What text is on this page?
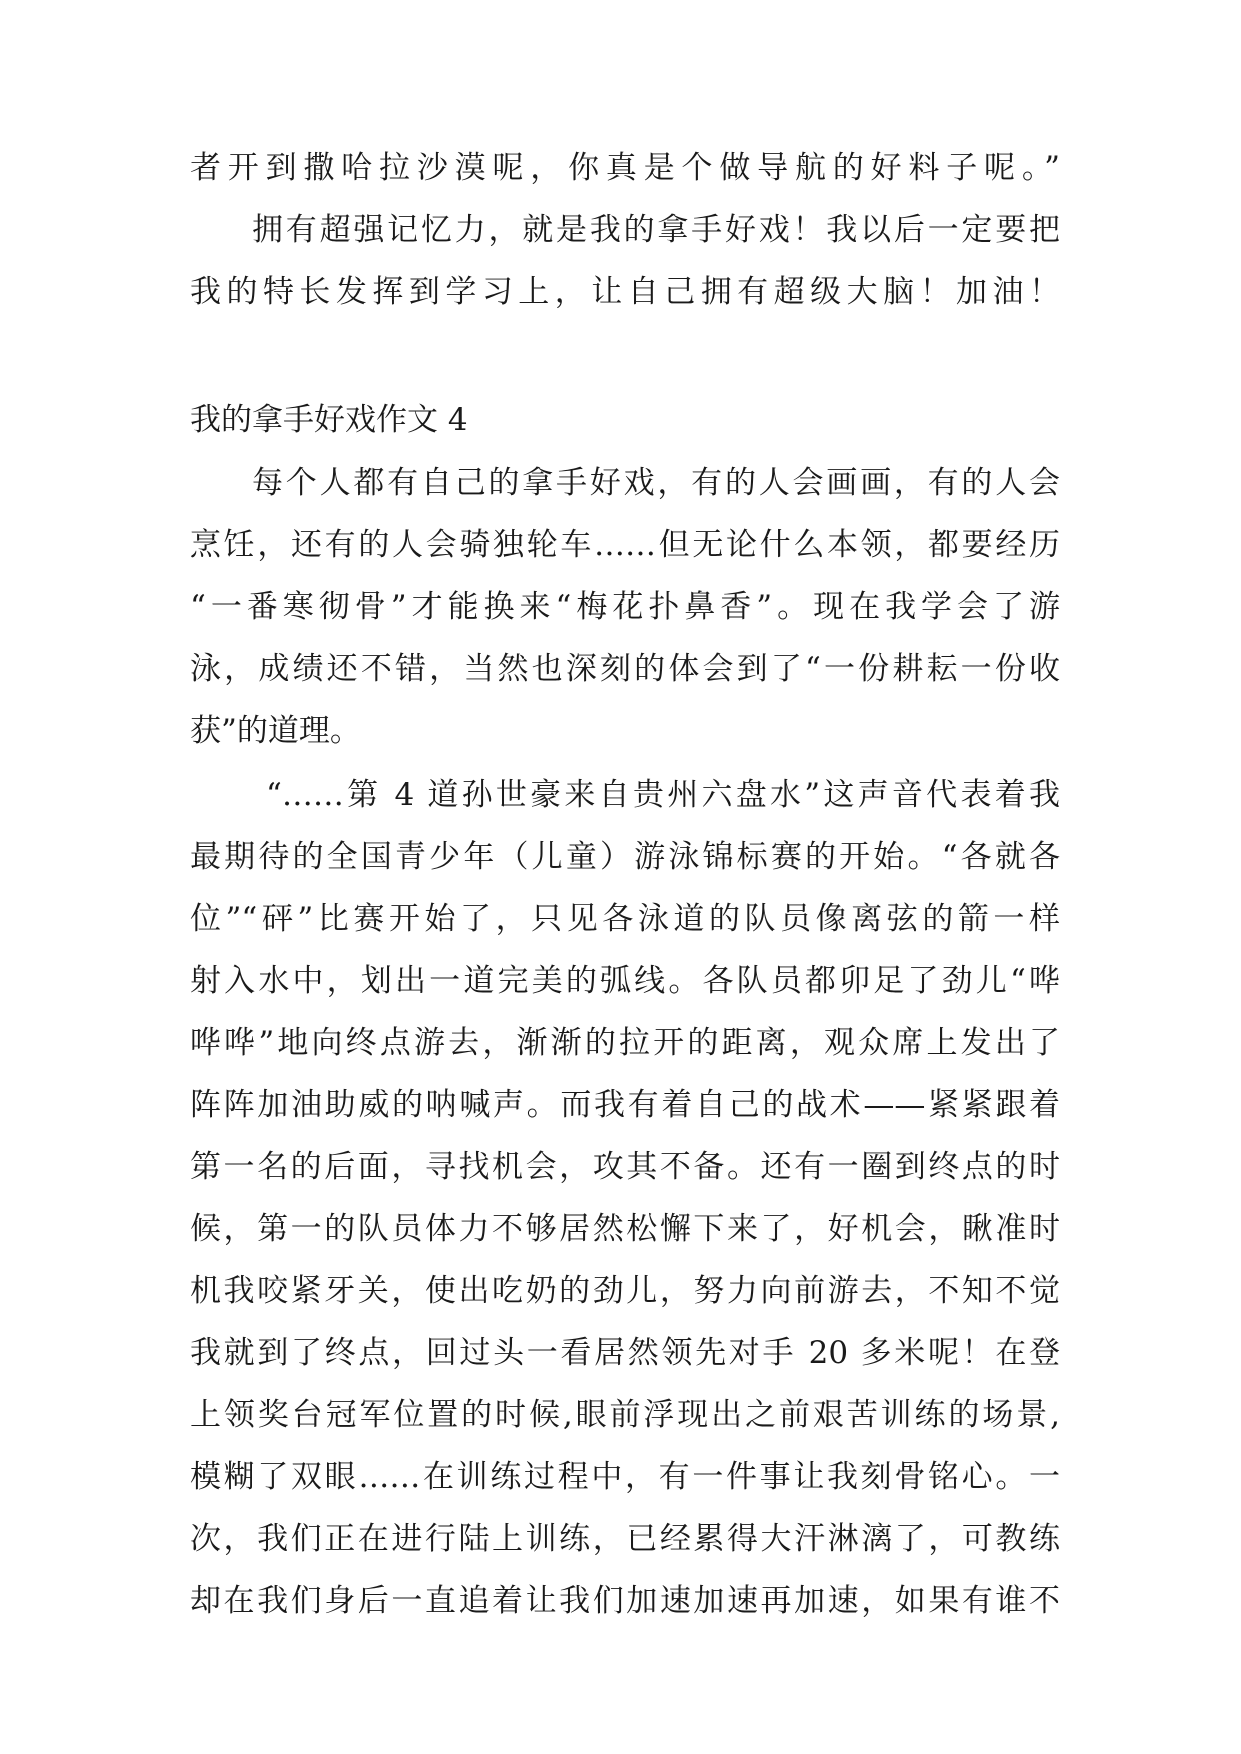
者开到撒哈拉沙漠呢，你真是个做导航的好料子呢。”
拥有超强记忆力，就是我的拿手好戏！我以后一定要把
我的特长发挥到学习上，让自己拥有超级大脑！加油！
我的拿手好戏作文 4
每个人都有自己的拿手好戏，有的人会画画，有的人会
烹饪，还有的人会骑独轮车……但无论什么本领，都要经历
“一番寒彻骨”才能换来“梅花扑鼻香”。现在我学会了游
泳，成绩还不错，当然也深刻的体会到了“一份耕耘一份收
获”的道理。
“……第 4 道孙世豪来自贵州六盘水”这声音代表着我
最期待的全国青少年（儿童）游泳锦标赛的开始。“各就各
位”“砰”比赛开始了，只见各泳道的队员像离弦的箭一样
射入水中，划出一道完美的弧线。各队员都卯足了劲儿“哗
哗哗”地向终点游去，渐渐的拉开的距离，观众席上发出了
阵阵加油助威的呐喊声。而我有着自己的战术——紧紧跟着
第一名的后面，寻找机会，攻其不备。还有一圈到终点的时
候，第一的队员体力不够居然松懈下来了，好机会，瞅准时
机我咬紧牙关，使出吃奶的劲儿，努力向前游去，不知不觉
我就到了终点，回过头一看居然领先对手 20 多米呢！在登
上领奖台冠军位置的时候,眼前浮现出之前艰苦训练的场景,
模糊了双眼……在训练过程中，有一件事让我刻骨铭心。一
次，我们正在进行陆上训练，已经累得大汗淋漓了，可教练
却在我们身后一直追着让我们加速加速再加速，如果有谁不
